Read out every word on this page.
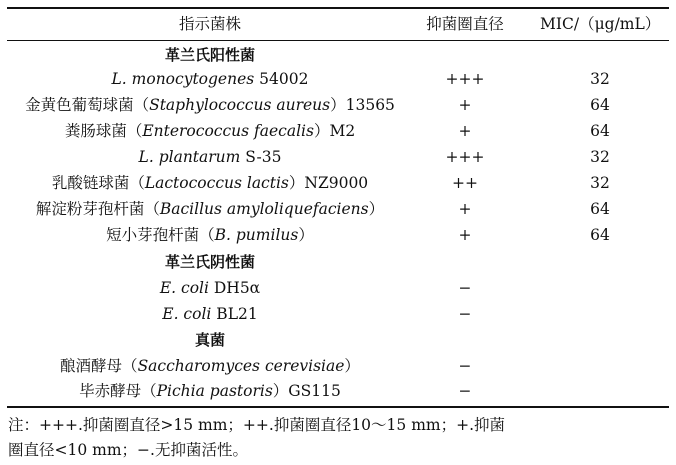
指示菌株	抑菌圈直径	MIC/（μg/mL）
革兰氏阳性菌
L. monocytogenes 54002	+++	32
金黄色葡萄球菌（Staphylococcus aureus）13565	+	64
粪肠球菌（Enterococcus faecalis）M2	+	64
L. plantarum S-35	+++	32
乳酸链球菌（Lactococcus lactis）NZ9000	++	32
解淀粉芽孢杆菌（Bacillus amyloliquefaciens）	+	64
短小芽孢杆菌（B. pumilus）	+	64
革兰氏阴性菌
E. coli DH5α	−
E. coli BL21	−
真菌
酿酒酵母（Saccharomyces cerevisiae）	−
毕赤酵母（Pichia pastoris）GS115	−
注：+++.抑菌圈直径>15 mm；++.抑菌圈直径10～15 mm；+.抑菌
圈直径<10 mm；−.无抑菌活性。
